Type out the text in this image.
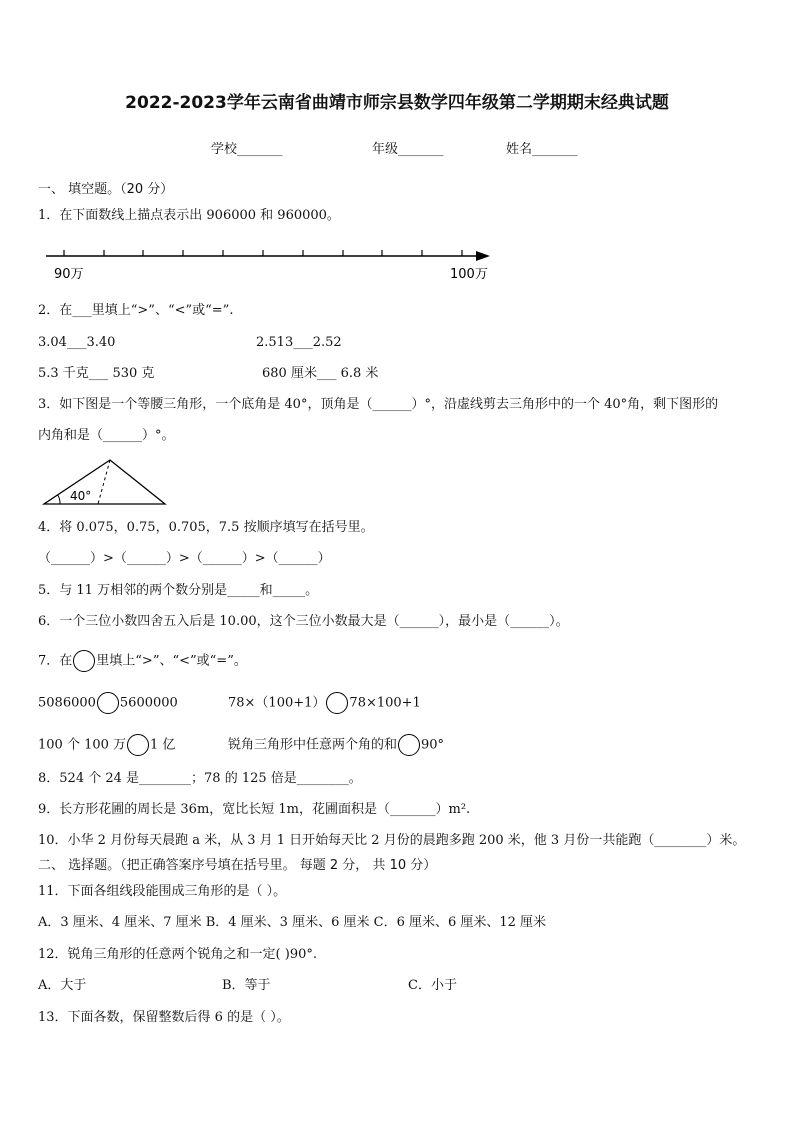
2022-2023学年云南省曲靖市师宗县数学四年级第二学期期末经典试题
学校_______	年级_______	姓名_______
一、 填空题。（20 分）
1．在下面数线上描点表示出 906000 和 960000。
90万	100万
2．在___里填上“>”、“<”或“=”.
3.04___3.40	2.513___2.52
5.3 千克___ 530 克	680 厘米___ 6.8 米
3．如下图是一个等腰三角形，一个底角是 40°，顶角是（______）°，沿虚线剪去三角形中的一个 40°角，剩下图形的
内角和是（______）°。
40°
4．将 0.075，0.75，0.705，7.5 按顺序填写在括号里。
（______）>（______）>（______）>（______）
5．与 11 万相邻的两个数分别是_____和_____。
6．一个三位小数四舍五入后是 10.00，这个三位小数最大是（______），最小是（______）。
7．在 里填上“>”、“<”或“=”。
5086000 5600000	78×（100+1） 78×100+1
100 个 100 万 1 亿	锐角三角形中任意两个角的和 90°
8．524 个 24 是________；78 的 125 倍是________。
9．长方形花圃的周长是 36m，宽比长短 1m，花圃面积是（_______）m².
10．小华 2 月份每天晨跑 a 米，从 3 月 1 日开始每天比 2 月份的晨跑多跑 200 米，他 3 月份一共能跑（________）米。
二、 选择题。（把正确答案序号填在括号里。 每题 2 分， 共 10 分）
11．下面各组线段能围成三角形的是（ ）。
A．3 厘米、4 厘米、7 厘米 B．4 厘米、3 厘米、6 厘米 C．6 厘米、6 厘米、12 厘米
12．锐角三角形的任意两个锐角之和一定( )90°.
A．大于	B．等于	C．小于
13．下面各数，保留整数后得 6 的是（ ）。
